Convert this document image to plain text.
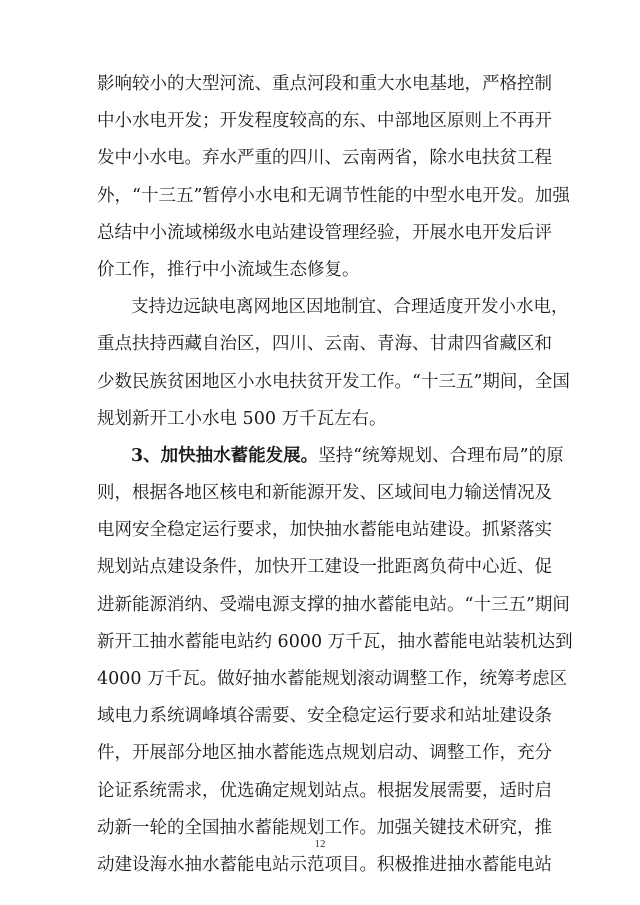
影响较小的大型河流、重点河段和重大水电基地，严格控制
中小水电开发；开发程度较高的东、中部地区原则上不再开
发中小水电。弃水严重的四川、云南两省，除水电扶贫工程
外，“十三五”暂停小水电和无调节性能的中型水电开发。加强
总结中小流域梯级水电站建设管理经验，开展水电开发后评
价工作，推行中小流域生态修复。
支持边远缺电离网地区因地制宜、合理适度开发小水电，
重点扶持西藏自治区，四川、云南、青海、甘肃四省藏区和
少数民族贫困地区小水电扶贫开发工作。“十三五”期间，全国
规划新开工小水电 500 万千瓦左右。
3、加快抽水蓄能发展。坚持“统筹规划、合理布局”的原
则，根据各地区核电和新能源开发、区域间电力输送情况及
电网安全稳定运行要求，加快抽水蓄能电站建设。抓紧落实
规划站点建设条件，加快开工建设一批距离负荷中心近、促
进新能源消纳、受端电源支撑的抽水蓄能电站。“十三五”期间
新开工抽水蓄能电站约 6000 万千瓦，抽水蓄能电站装机达到
4000 万千瓦。做好抽水蓄能规划滚动调整工作，统筹考虑区
域电力系统调峰填谷需要、安全稳定运行要求和站址建设条
件，开展部分地区抽水蓄能选点规划启动、调整工作，充分
论证系统需求，优选确定规划站点。根据发展需要，适时启
动新一轮的全国抽水蓄能规划工作。加强关键技术研究，推
动建设海水抽水蓄能电站示范项目。积极推进抽水蓄能电站
12
